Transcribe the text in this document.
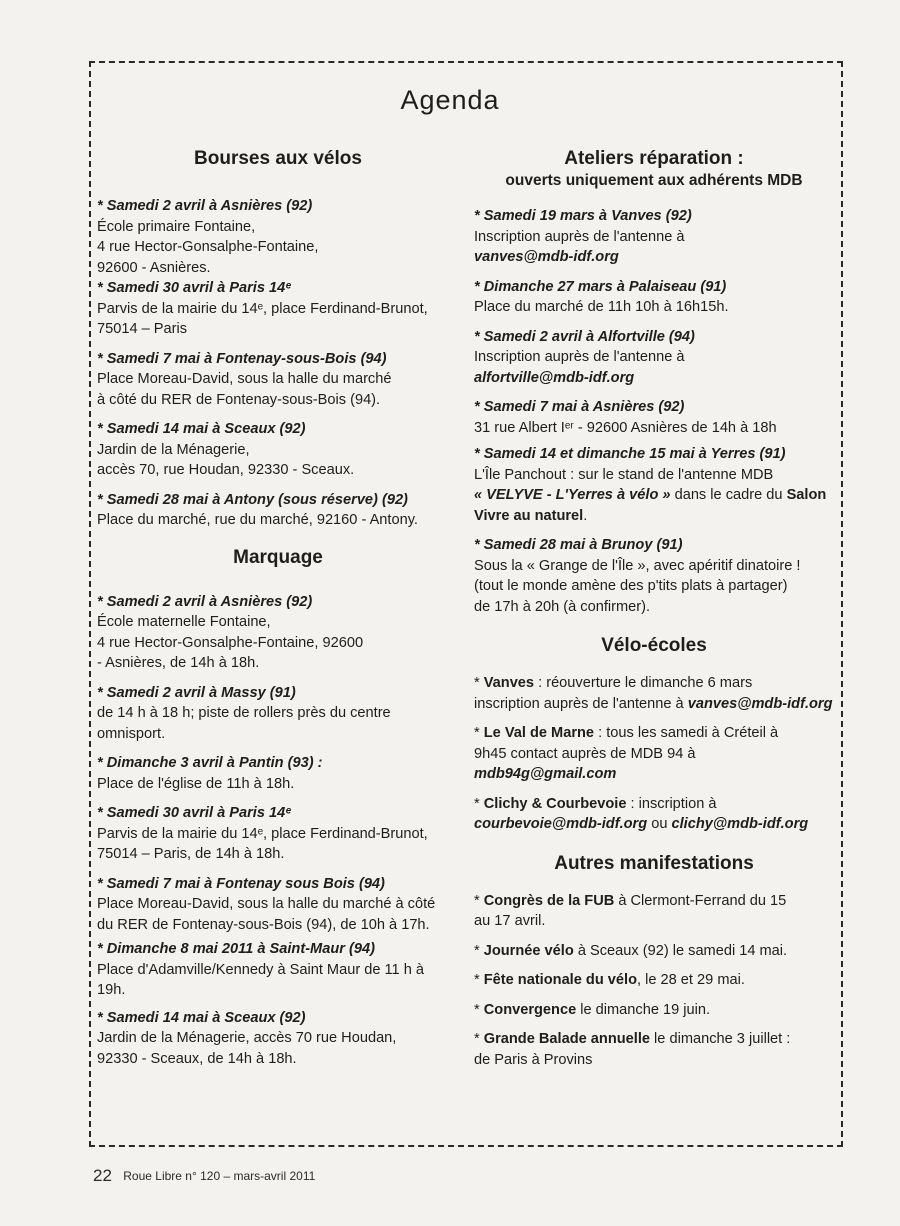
Agenda

Bourses aux vélos

* Samedi 2 avril à Asnières (92)
École primaire Fontaine,
4 rue Hector-Gonsalphe-Fontaine,
92600 - Asnières.

* Samedi 30 avril à Paris 14ᵉ
Parvis de la mairie du 14ᵉ, place Ferdinand-Brunot,
75014 – Paris

* Samedi 7 mai à Fontenay-sous-Bois (94)
Place Moreau-David, sous la halle du marché
à côté du RER de Fontenay-sous-Bois (94).

* Samedi 14 mai à Sceaux (92)
Jardin de la Ménagerie,
accès 70, rue Houdan, 92330 - Sceaux.

* Samedi 28 mai à Antony (sous réserve) (92)
Place du marché, rue du marché, 92160 - Antony.

Marquage

* Samedi 2 avril à Asnières (92)
École maternelle Fontaine,
4 rue Hector-Gonsalphe-Fontaine, 92600
- Asnières, de 14h à 18h.

* Samedi 2 avril à Massy (91)
de 14 h à 18 h; piste de rollers près du centre
omnisport.

* Dimanche 3 avril à Pantin (93) :
Place de l'église de 11h à 18h.

* Samedi 30 avril à Paris 14ᵉ
Parvis de la mairie du 14ᵉ, place Ferdinand-Brunot,
75014 – Paris, de 14h à 18h.

* Samedi 7 mai à Fontenay sous Bois (94)
Place Moreau-David, sous la halle du marché à côté
du RER de Fontenay-sous-Bois (94), de 10h à 17h.

* Dimanche 8 mai 2011 à Saint-Maur (94)
Place d'Adamville/Kennedy à Saint Maur de 11 h à
19h.

* Samedi 14 mai à Sceaux (92)
Jardin de la Ménagerie, accès 70 rue Houdan,
92330 - Sceaux, de 14h à 18h.

Ateliers réparation :

ouverts uniquement aux adhérents MDB

* Samedi 19 mars à Vanves (92)
Inscription auprès de l'antenne à
vanves@mdb-idf.org

* Dimanche 27 mars à Palaiseau (91)
Place du marché de 11h 10h à 16h15h.

* Samedi 2 avril à Alfortville (94)
Inscription auprès de l'antenne à
alfortville@mdb-idf.org

* Samedi 7 mai à Asnières (92)
31 rue Albert Iᵉʳ - 92600 Asnières de 14h à 18h

* Samedi 14 et dimanche 15 mai à Yerres (91)
L'Île Panchout : sur le stand de l'antenne MDB
« VELYVE - L'Yerres à vélo » dans le cadre du Salon
Vivre au naturel.

* Samedi 28 mai à Brunoy (91)
Sous la « Grange de l'Île », avec apéritif dinatoire !
(tout le monde amène des p'tits plats à partager)
de 17h à 20h (à confirmer).

Vélo-écoles

* Vanves : réouverture le dimanche 6 mars
inscription auprès de l'antenne à vanves@mdb-idf.org

* Le Val de Marne : tous les samedi à Créteil à
9h45 contact auprès de MDB 94 à
mdb94g@gmail.com

* Clichy & Courbevoie : inscription à
courbevoie@mdb-idf.org ou clichy@mdb-idf.org

Autres manifestations

* Congrès de la FUB à Clermont-Ferrand du 15
au 17 avril.

* Journée vélo à Sceaux (92) le samedi 14 mai.

* Fête nationale du vélo, le 28 et 29 mai.

* Convergence le dimanche 19 juin.

* Grande Balade annuelle le dimanche 3 juillet :
de Paris à Provins

22 Roue Libre n° 120 – mars-avril 2011
